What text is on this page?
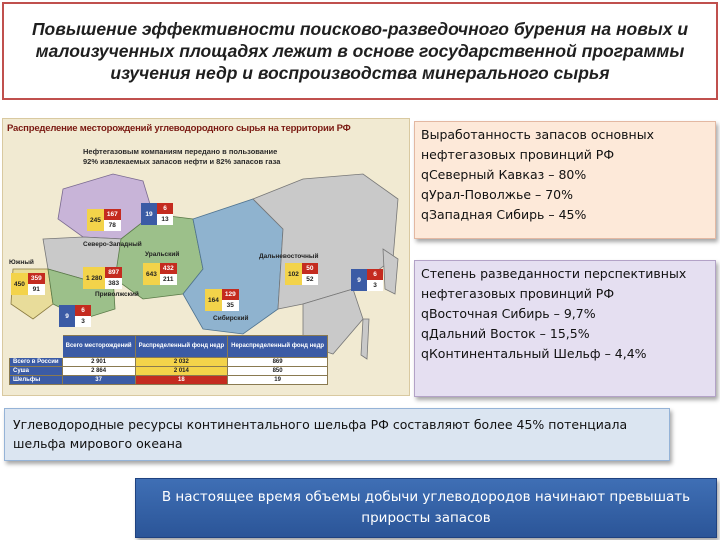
Повышение эффективности поисково-разведочного бурения на новых и малоизученных площадях лежит в основе государственной программы изучения недр и воспроизводства минерального сырья
Распределение месторождений углеводородного сырья на территории РФ
Нефтегазовым компаниям передано в пользование 92% извлекаемых запасов нефти и 82% запасов газа
Северо-Западный
Южный
Приволжский
Уральский
Сибирский
Дальневосточный
245
167
78
19
6
13
450
359
91
1 280
897
383
9
6
3
643
432
211
164
129
35
102
50
52	9
6
3
	Всего месторождений	Распределенный фонд недр	Нераспределенный фонд недр
Всего в России	2 901	2 032	869
Суша	2 864	2 014	850
Шельфы	37	18	19
Выработанность запасов основных нефтегазовых провинций РФ
qСеверный Кавказ – 80%
qУрал-Поволжье – 70%
qЗападная Сибирь – 45%
Степень разведанности перспективных нефтегазовых провинций РФ
qВосточная Сибирь – 9,7%
qДальний Восток – 15,5%
qКонтинентальный Шельф – 4,4%
Углеводородные ресурсы континентального шельфа РФ составляют более 45% потенциала шельфа мирового океана
В настоящее время объемы добычи углеводородов начинают превышать приросты запасов
